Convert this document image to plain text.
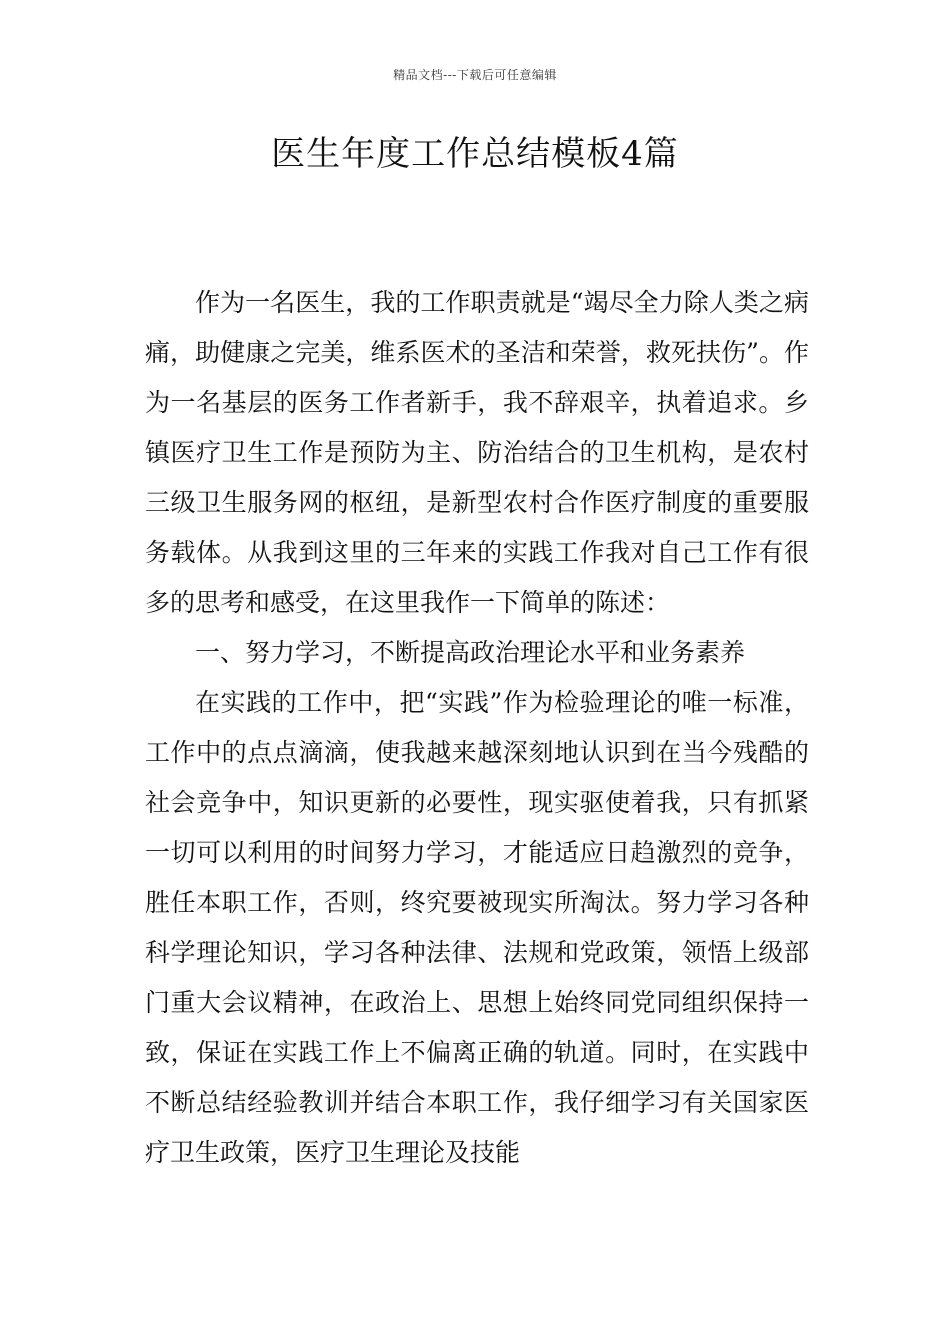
精品文档---下载后可任意编辑
医生年度工作总结模板4篇

作为一名医生，我的工作职责就是“竭尽全力除人类之病痛，助健康之完美，维系医术的圣洁和荣誉，救死扶伤”。作为一名基层的医务工作者新手，我不辞艰辛，执着追求。乡镇医疗卫生工作是预防为主、防治结合的卫生机构，是农村三级卫生服务网的枢纽，是新型农村合作医疗制度的重要服务载体。从我到这里的三年来的实践工作我对自己工作有很多的思考和感受，在这里我作一下简单的陈述：

一、努力学习，不断提高政治理论水平和业务素养

在实践的工作中，把“实践”作为检验理论的唯一标准，工作中的点点滴滴，使我越来越深刻地认识到在当今残酷的社会竞争中，知识更新的必要性，现实驱使着我，只有抓紧一切可以利用的时间努力学习，才能适应日趋激烈的竞争，胜任本职工作，否则，终究要被现实所淘汰。努力学习各种科学理论知识，学习各种法律、法规和党政策，领悟上级部门重大会议精神，在政治上、思想上始终同党同组织保持一致，保证在实践工作上不偏离正确的轨道。同时，在实践中不断总结经验教训并结合本职工作，我仔细学习有关国家医疗卫生政策，医疗卫生理论及技能
